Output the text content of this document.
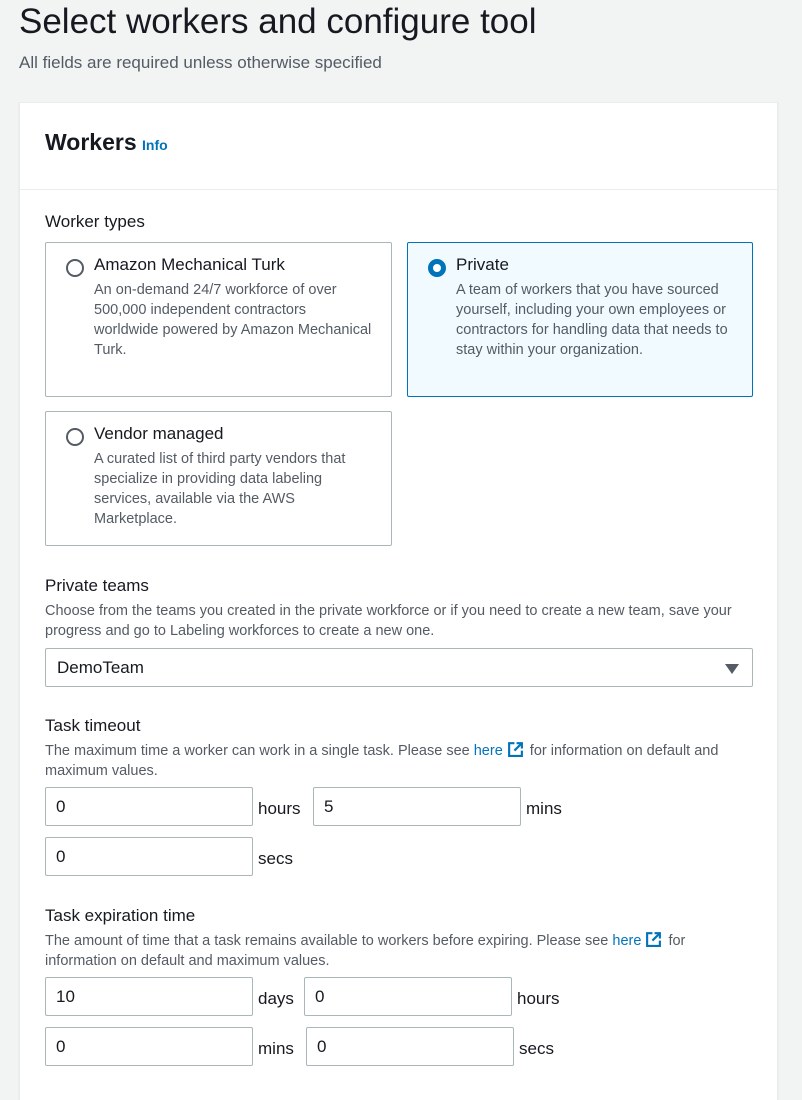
Select workers and configure tool
All fields are required unless otherwise specified
Workers Info
Worker types
Amazon Mechanical Turk
An on-demand 24/7 workforce of over 500,000 independent contractors worldwide powered by Amazon Mechanical Turk.
Private
A team of workers that you have sourced yourself, including your own employees or contractors for handling data that needs to stay within your organization.
Vendor managed
A curated list of third party vendors that specialize in providing data labeling services, available via the AWS Marketplace.
Private teams
Choose from the teams you created in the private workforce or if you need to create a new team, save your progress and go to Labeling workforces to create a new one.
DemoTeam
Task timeout
The maximum time a worker can work in a single task. Please see here for information on default and maximum values.
0
hours
5	mins
0
secs
Task expiration time
The amount of time that a task remains available to workers before expiring. Please see here for information on default and maximum values.
10
days
0	hours
0
mins
0	secs
